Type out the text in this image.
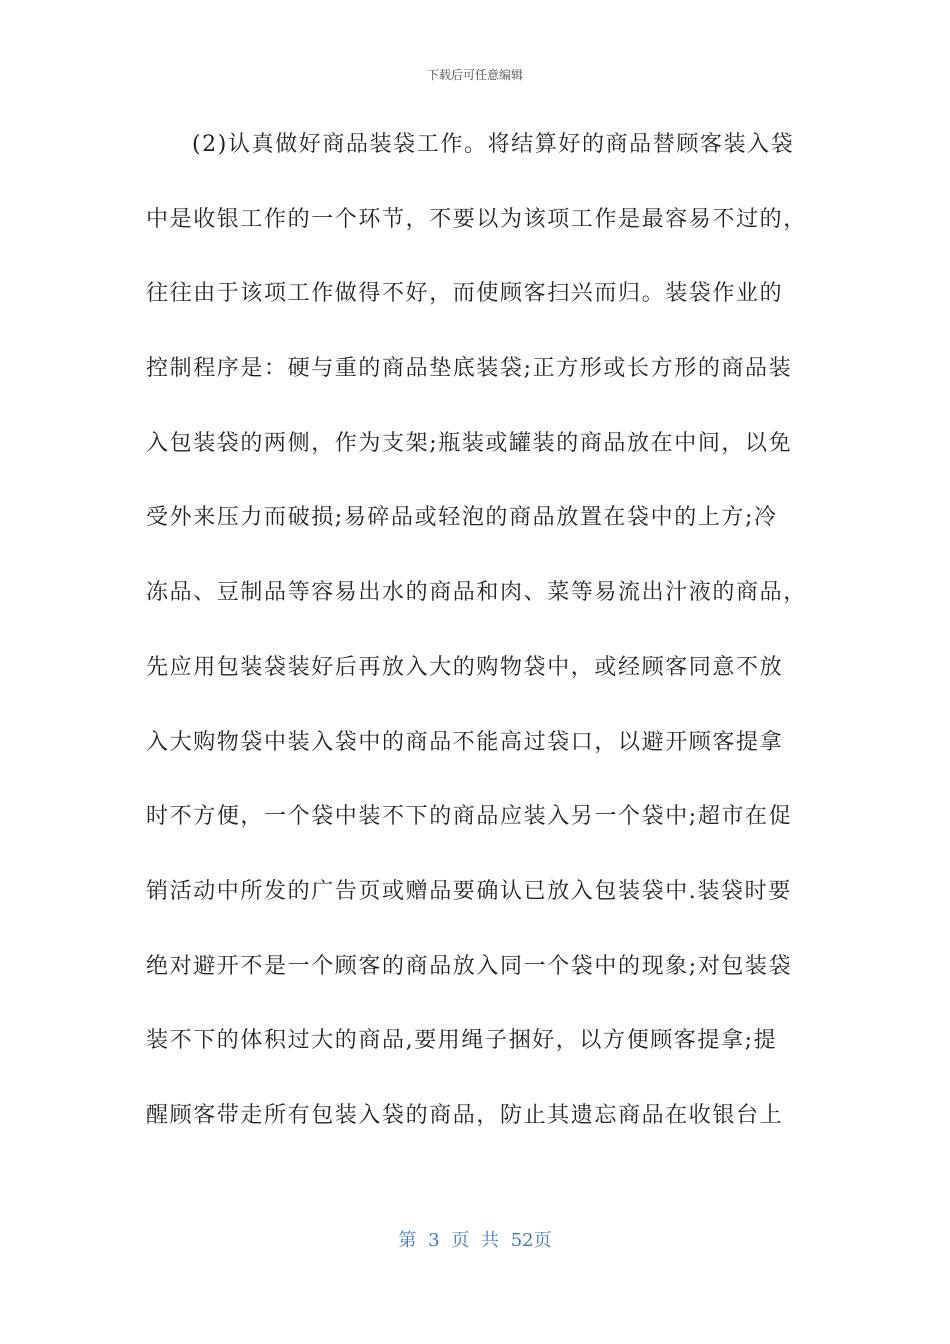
下载后可任意编辑
(2)认真做好商品装袋工作。将结算好的商品替顾客装入袋
中是收银工作的一个环节，不要以为该项工作是最容易不过的，
往往由于该项工作做得不好，而使顾客扫兴而归。装袋作业的
控制程序是：硬与重的商品垫底装袋;正方形或长方形的商品装
入包装袋的两侧，作为支架;瓶装或罐装的商品放在中间，以免
受外来压力而破损;易碎品或轻泡的商品放置在袋中的上方;冷
冻品、豆制品等容易出水的商品和肉、菜等易流出汁液的商品，
先应用包装袋装好后再放入大的购物袋中，或经顾客同意不放
入大购物袋中装入袋中的商品不能高过袋口，以避开顾客提拿
时不方便，一个袋中装不下的商品应装入另一个袋中;超市在促
销活动中所发的广告页或赠品要确认已放入包装袋中.装袋时要
绝对避开不是一个顾客的商品放入同一个袋中的现象;对包装袋
装不下的体积过大的商品,要用绳子捆好，以方便顾客提拿;提
醒顾客带走所有包装入袋的商品，防止其遗忘商品在收银台上
第 3 页 共 52页
